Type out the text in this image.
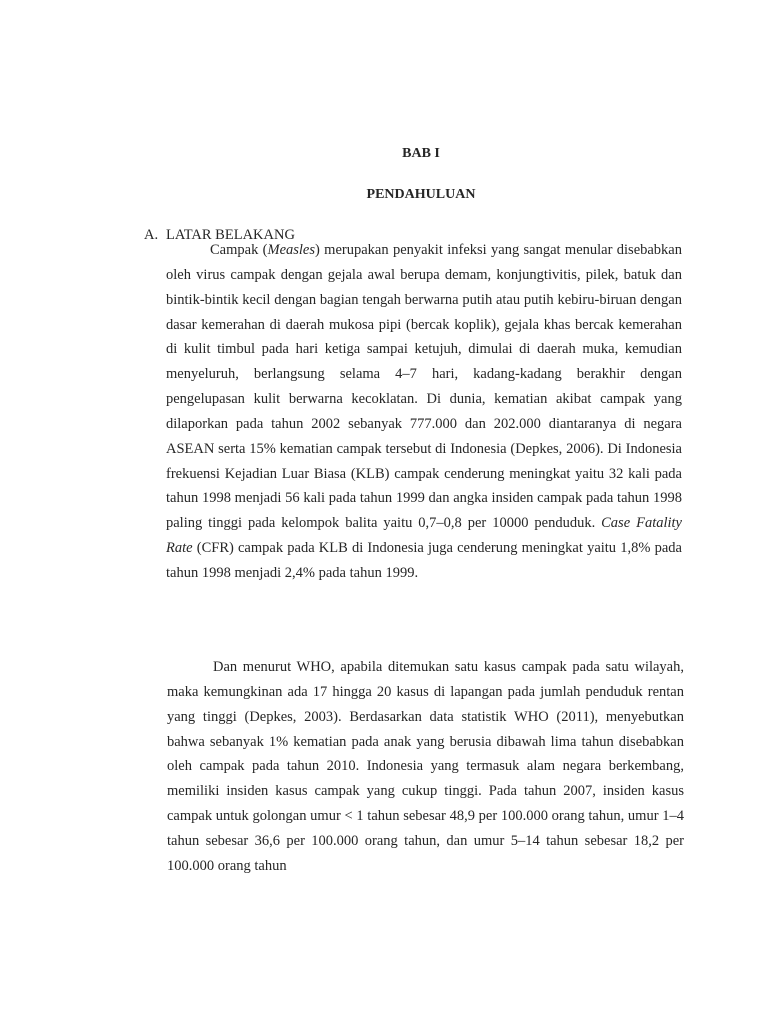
BAB I
PENDAHULUAN
A. LATAR BELAKANG

Campak (Measles) merupakan penyakit infeksi yang sangat menular disebabkan oleh virus campak dengan gejala awal berupa demam, konjungtivitis, pilek, batuk dan bintik-bintik kecil dengan bagian tengah berwarna putih atau putih kebiru-biruan dengan dasar kemerahan di daerah mukosa pipi (bercak koplik), gejala khas bercak kemerahan di kulit timbul pada hari ketiga sampai ketujuh, dimulai di daerah muka, kemudian menyeluruh, berlangsung selama 4–7 hari, kadang-kadang berakhir dengan pengelupasan kulit berwarna kecoklatan. Di dunia, kematian akibat campak yang dilaporkan pada tahun 2002 sebanyak 777.000 dan 202.000 diantaranya di negara ASEAN serta 15% kematian campak tersebut di Indonesia (Depkes, 2006). Di Indonesia frekuensi Kejadian Luar Biasa (KLB) campak cenderung meningkat yaitu 32 kali pada tahun 1998 menjadi 56 kali pada tahun 1999 dan angka insiden campak pada tahun 1998 paling tinggi pada kelompok balita yaitu 0,7–0,8 per 10000 penduduk. Case Fatality Rate (CFR) campak pada KLB di Indonesia juga cenderung meningkat yaitu 1,8% pada tahun 1998 menjadi 2,4% pada tahun 1999.

Dan menurut WHO, apabila ditemukan satu kasus campak pada satu wilayah, maka kemungkinan ada 17 hingga 20 kasus di lapangan pada jumlah penduduk rentan yang tinggi (Depkes, 2003). Berdasarkan data statistik WHO (2011), menyebutkan bahwa sebanyak 1% kematian pada anak yang berusia dibawah lima tahun disebabkan oleh campak pada tahun 2010. Indonesia yang termasuk alam negara berkembang, memiliki insiden kasus campak yang cukup tinggi. Pada tahun 2007, insiden kasus campak untuk golongan umur < 1 tahun sebesar 48,9 per 100.000 orang tahun, umur 1–4 tahun sebesar 36,6 per 100.000 orang tahun, dan umur 5–14 tahun sebesar 18,2 per 100.000 orang tahun
